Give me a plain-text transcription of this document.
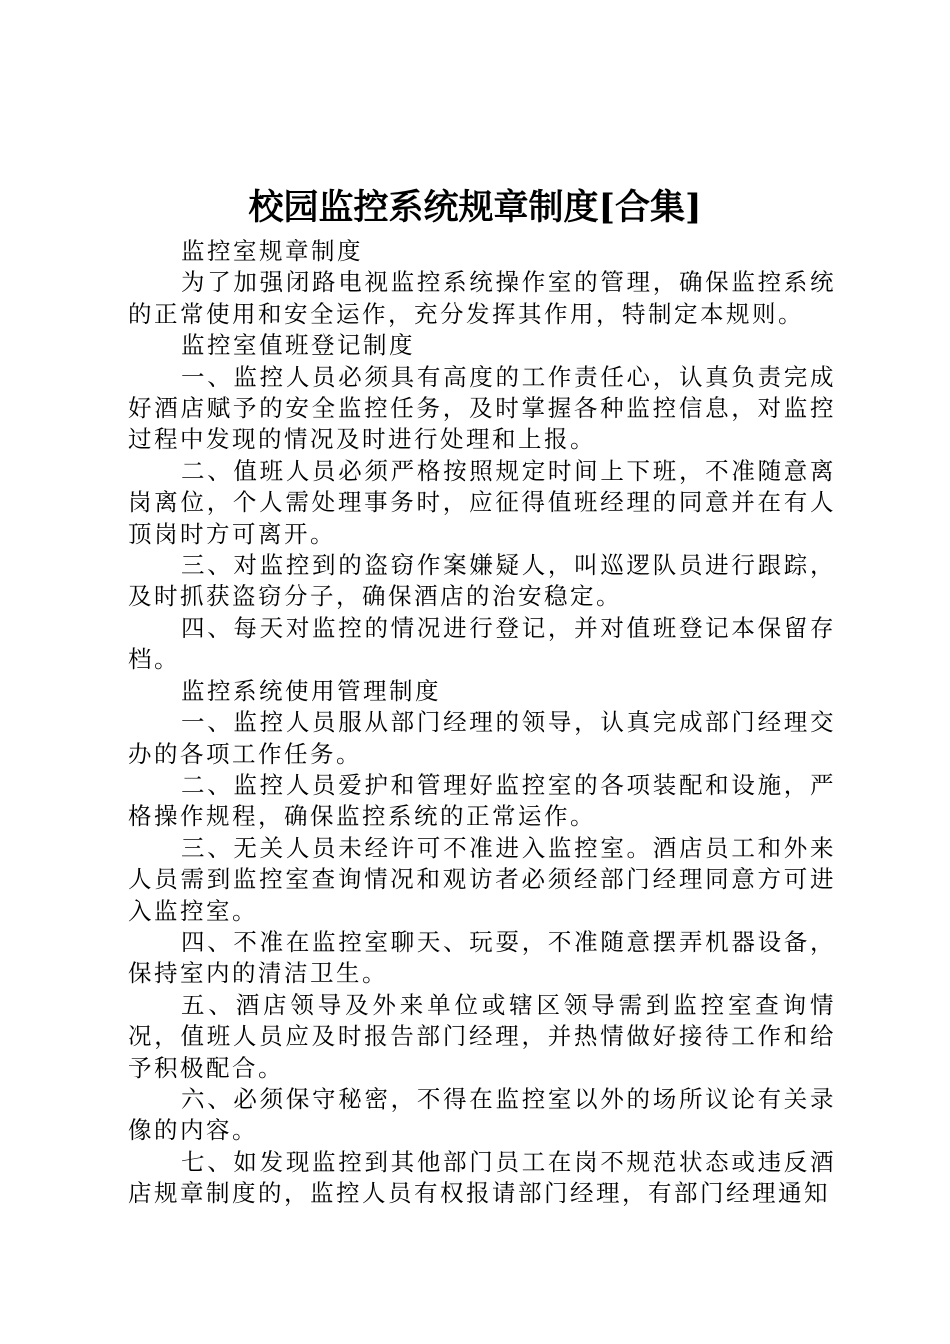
校园监控系统规章制度[合集]

监控室规章制度

为了加强闭路电视监控系统操作室的管理，确保监控系统的正常使用和安全运作，充分发挥其作用，特制定本规则。

监控室值班登记制度

一、监控人员必须具有高度的工作责任心，认真负责完成好酒店赋予的安全监控任务，及时掌握各种监控信息，对监控过程中发现的情况及时进行处理和上报。

二、值班人员必须严格按照规定时间上下班，不准随意离岗离位，个人需处理事务时，应征得值班经理的同意并在有人顶岗时方可离开。

三、对监控到的盗窃作案嫌疑人，叫巡逻队员进行跟踪，及时抓获盗窃分子，确保酒店的治安稳定。

四、每天对监控的情况进行登记，并对值班登记本保留存档。

监控系统使用管理制度

一、监控人员服从部门经理的领导，认真完成部门经理交办的各项工作任务。

二、监控人员爱护和管理好监控室的各项装配和设施，严格操作规程，确保监控系统的正常运作。

三、无关人员未经许可不准进入监控室。酒店员工和外来人员需到监控室查询情况和观访者必须经部门经理同意方可进入监控室。

四、不准在监控室聊天、玩耍，不准随意摆弄机器设备，保持室内的清洁卫生。

五、酒店领导及外来单位或辖区领导需到监控室查询情况，值班人员应及时报告部门经理，并热情做好接待工作和给予积极配合。

六、必须保守秘密，不得在监控室以外的场所议论有关录像的内容。

七、如发现监控到其他部门员工在岗不规范状态或违反酒店规章制度的，监控人员有权报请部门经理，有部门经理通知
